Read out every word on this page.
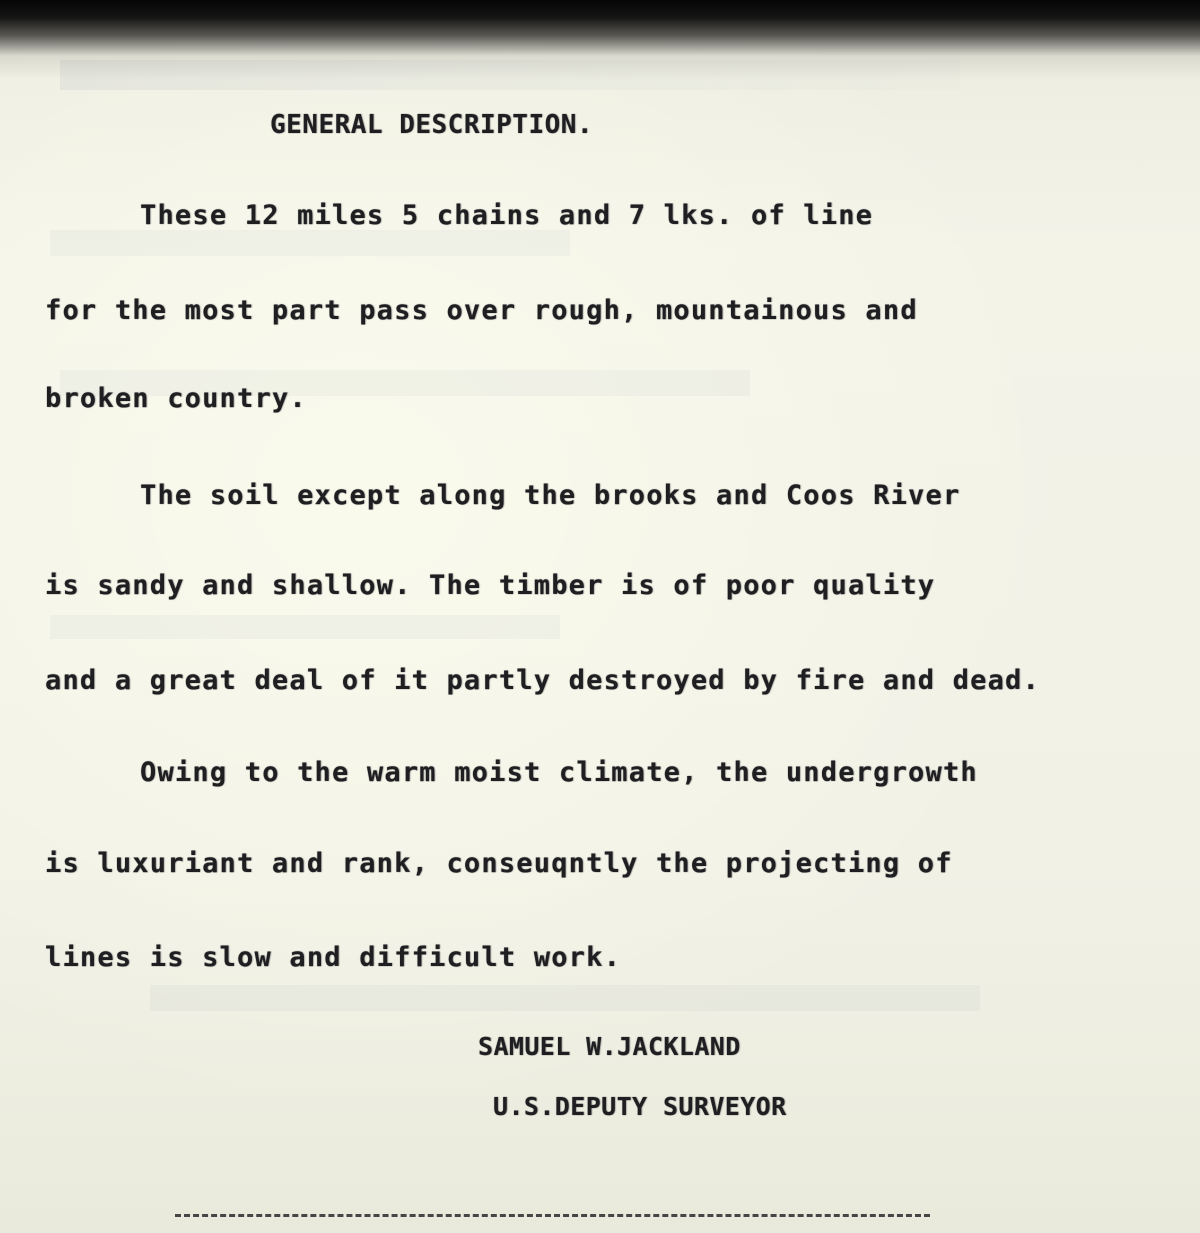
GENERAL DESCRIPTION.
These 12 miles 5 chains and 7 lks. of line
for the most part pass over rough, mountainous and
broken country.
The soil except along the brooks and Coos River
is sandy and shallow. The timber is of poor quality
and a great deal of it partly destroyed by fire and dead.
Owing to the warm moist climate, the undergrowth
is luxuriant and rank, conseuqntly the projecting of
lines is slow and difficult work.
SAMUEL W.JACKLAND
U.S.DEPUTY SURVEYOR
